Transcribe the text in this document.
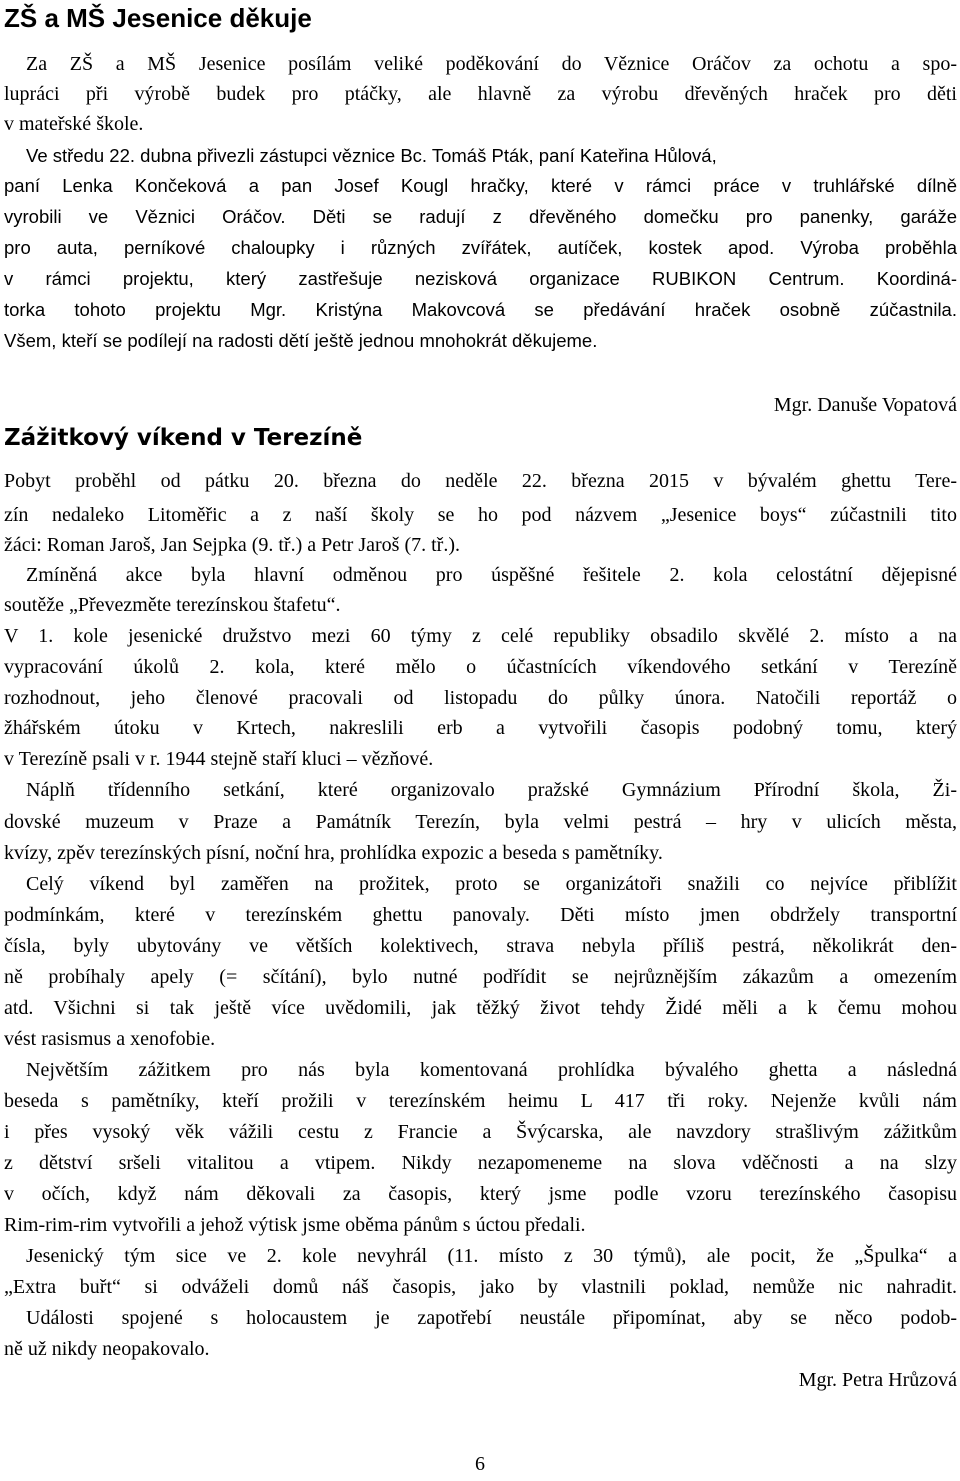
ZŠ a MŠ Jesenice děkuje
Za ZŠ a MŠ Jesenice posílám veliké poděkování do Věznice Oráčov za ochotu a spo-
lupráci při výrobě budek pro ptáčky, ale hlavně za výrobu dřevěných hraček pro děti
v mateřské škole.
Ve středu 22. dubna přivezli zástupci věznice Bc. Tomáš Pták, paní Kateřina Hůlová,
paní Lenka Končeková a pan Josef Kougl hračky, které v rámci práce v truhlářské dílně
vyrobili ve Věznici Oráčov. Děti se radují z dřevěného domečku pro panenky, garáže
pro auta, perníkové chaloupky i různých zvířátek, autíček, kostek apod. Výroba proběhla
v rámci projektu, který zastřešuje nezisková organizace RUBIKON Centrum. Koordiná-
torka tohoto projektu Mgr. Kristýna Makovcová se předávání hraček osobně zúčastnila.
Všem, kteří se podílejí na radosti dětí ještě jednou mnohokrát děkujeme.
Mgr. Danuše Vopatová
Zážitkový víkend v Terezíně
Pobyt proběhl od pátku 20. března do neděle 22. března 2015 v bývalém ghettu Tere-
zín nedaleko Litoměřic a z naší školy se ho pod názvem „Jesenice boys“ zúčastnili tito
žáci: Roman Jaroš, Jan Sejpka (9. tř.) a Petr Jaroš (7. tř.).
Zmíněná akce byla hlavní odměnou pro úspěšné řešitele 2. kola celostátní dějepisné
soutěže „Převezměte terezínskou štafetu“.
V 1. kole jesenické družstvo mezi 60 týmy z celé republiky obsadilo skvělé 2. místo a na
vypracování úkolů 2. kola, které mělo o účastnících víkendového setkání v Terezíně
rozhodnout, jeho členové pracovali od listopadu do půlky února. Natočili reportáž o
žhářském útoku v Krtech, nakreslili erb a vytvořili časopis podobný tomu, který
v Terezíně psali v r. 1944 stejně staří kluci – vězňové.
Náplň třídenního setkání, které organizovalo pražské Gymnázium Přírodní škola, Ži-
dovské muzeum v Praze a Památník Terezín, byla velmi pestrá – hry v ulicích města,
kvízy, zpěv terezínských písní, noční hra, prohlídka expozic a beseda s pamětníky.
Celý víkend byl zaměřen na prožitek, proto se organizátoři snažili co nejvíce přiblížit
podmínkám, které v terezínském ghettu panovaly. Děti místo jmen obdržely transportní
čísla, byly ubytovány ve větších kolektivech, strava nebyla příliš pestrá, několikrát den-
ně probíhaly apely (= sčítání), bylo nutné podřídit se nejrůznějším zákazům a omezením
atd. Všichni si tak ještě více uvědomili, jak těžký život tehdy Židé měli a k čemu mohou
vést rasismus a xenofobie.
Největším zážitkem pro nás byla komentovaná prohlídka bývalého ghetta a následná
beseda s pamětníky, kteří prožili v terezínském heimu L 417 tři roky. Nejenže kvůli nám
i přes vysoký věk vážili cestu z Francie a Švýcarska, ale navzdory strašlivým zážitkům
z dětství sršeli vitalitou a vtipem. Nikdy nezapomeneme na slova vděčnosti a na slzy
v očích, když nám děkovali za časopis, který jsme podle vzoru terezínského časopisu
Rim-rim-rim vytvořili a jehož výtisk jsme oběma pánům s úctou předali.
Jesenický tým sice ve 2. kole nevyhrál (11. místo z 30 týmů), ale pocit, že „Špulka“ a
„Extra buřt“ si odváželi domů náš časopis, jako by vlastnili poklad, nemůže nic nahradit.
Události spojené s holocaustem je zapotřebí neustále připomínat, aby se něco podob-
ně už nikdy neopakovalo.
Mgr. Petra Hrůzová
6
